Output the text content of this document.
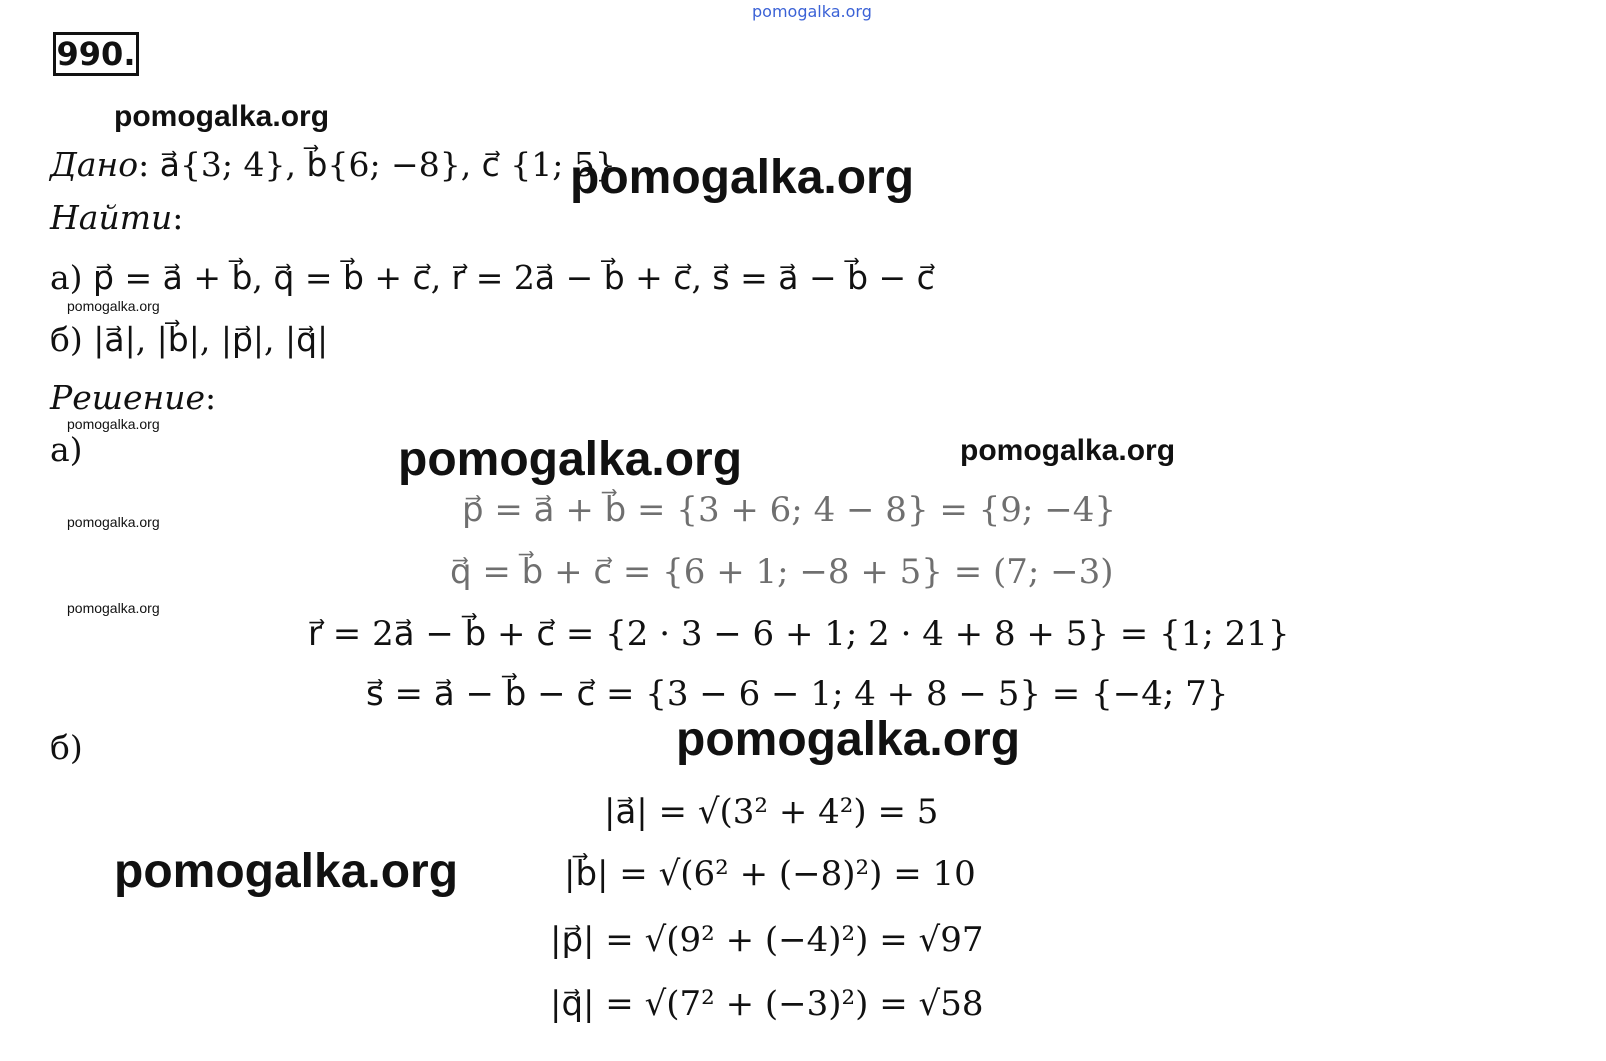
pomogalka.org
990.
pomogalka.org
Дано: a⃗{3; 4}, b⃗{6; −8}, c⃗ {1; 5}
pomogalka.org
Найти:
а) p⃗ = a⃗ + b⃗, q⃗ = b⃗ + c⃗, r⃗ = 2a⃗ − b⃗ + c⃗, s⃗ = a⃗ − b⃗ − c⃗
pomogalka.org
б) |a⃗|, |b⃗|, |p⃗|, |q⃗|
Решение:
pomogalka.org
а)	pomogalka.org	pomogalka.org
pomogalka.org
pomogalka.org
p⃗ = a⃗ + b⃗ = {3 + 6; 4 − 8} = {9; −4}
q⃗ = b⃗ + c⃗ = {6 + 1; −8 + 5} = (7; −3)
r⃗ = 2a⃗ − b⃗ + c⃗ = {2 · 3 − 6 + 1; 2 · 4 + 8 + 5} = {1; 21}
s⃗ = a⃗ − b⃗ − c⃗ = {3 − 6 − 1; 4 + 8 − 5} = {−4; 7}
б)	pomogalka.org
|a⃗| = √(3² + 4²) = 5
|b⃗| = √(6² + (−8)²) = 10
pomogalka.org
|p⃗| = √(9² + (−4)²) = √97
|q⃗| = √(7² + (−3)²) = √58
